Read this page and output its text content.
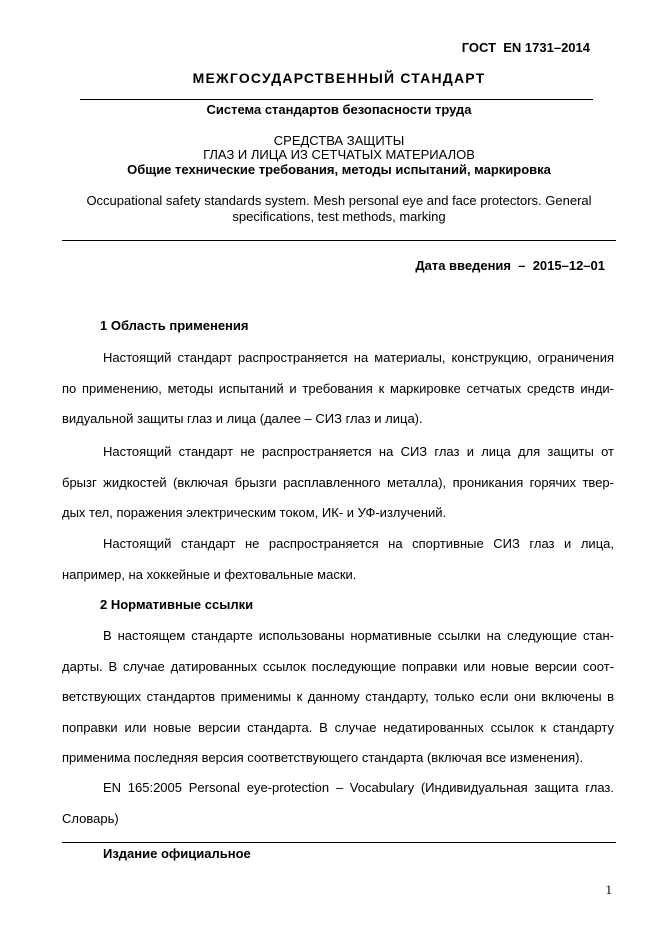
ГОСТ  EN 1731–2014
МЕЖГОСУДАРСТВЕННЫЙ СТАНДАРТ
Система стандартов безопасности труда
СРЕДСТВА ЗАЩИТЫ
ГЛАЗ И ЛИЦА ИЗ СЕТЧАТЫХ МАТЕРИАЛОВ
Общие технические требования, методы испытаний, маркировка
Occupational safety standards system. Mesh personal eye and face protectors. General
specifications, test methods, marking
Дата введения  –  2015–12–01
1 Область применения
Настоящий стандарт распространяется на материалы, конструкцию, ограничения
по применению, методы испытаний и требования к маркировке сетчатых средств инди-
видуальной защиты глаз и лица (далее – СИЗ глаз и лица).
Настоящий стандарт не распространяется на СИЗ глаз и лица для защиты от
брызг жидкостей (включая брызги расплавленного металла), проникания горячих твер-
дых тел, поражения электрическим током, ИК- и УФ-излучений.
Настоящий стандарт не распространяется на спортивные СИЗ глаз и лица,
например, на хоккейные и фехтовальные маски.
2 Нормативные ссылки
В настоящем стандарте использованы нормативные ссылки на следующие стан-
дарты. В случае датированных ссылок последующие поправки или новые версии соот-
ветствующих стандартов применимы к данному стандарту, только если они включены в
поправки или новые версии стандарта. В случае недатированных ссылок к стандарту
применима последняя версия соответствующего стандарта (включая все изменения).
EN 165:2005 Personal eye-protection – Vocabulary (Индивидуальная защита глаз.
Словарь)
Издание официальное
1
